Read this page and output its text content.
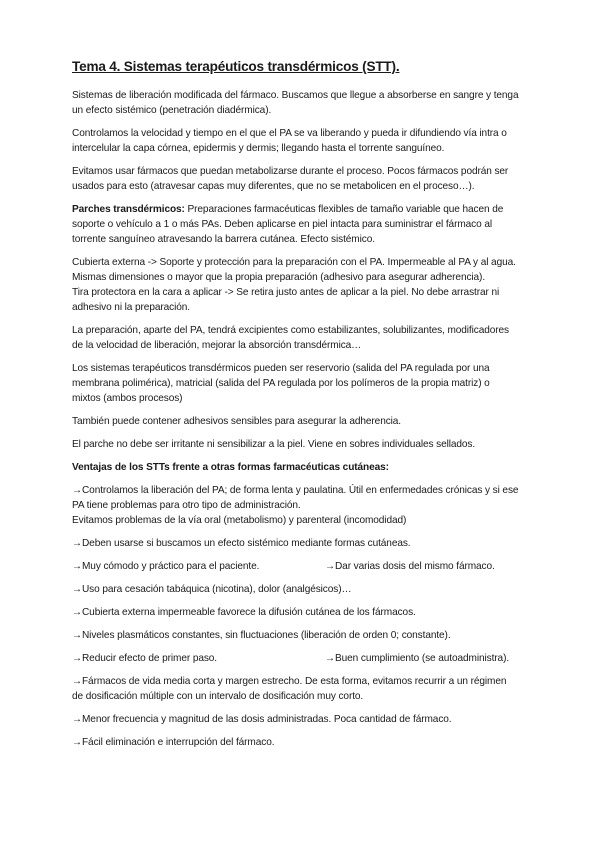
Tema 4. Sistemas terapéuticos transdérmicos (STT).
Sistemas de liberación modificada del fármaco. Buscamos que llegue a absorberse en sangre y tenga
un efecto sistémico (penetración diadérmica).
Controlamos la velocidad y tiempo en el que el PA se va liberando y pueda ir difundiendo vía intra o
intercelular la capa córnea, epidermis y dermis; llegando hasta el torrente sanguíneo.
Evitamos usar fármacos que puedan metabolizarse durante el proceso. Pocos fármacos podrán ser
usados para esto (atravesar capas muy diferentes, que no se metabolicen en el proceso…).
Parches transdérmicos: Preparaciones farmacéuticas flexibles de tamaño variable que hacen de
soporte o vehículo a 1 o más PAs. Deben aplicarse en piel intacta para suministrar el fármaco al
torrente sanguíneo atravesando la barrera cutánea. Efecto sistémico.
Cubierta externa -> Soporte y protección para la preparación con el PA. Impermeable al PA y al agua.
Mismas dimensiones o mayor que la propia preparación (adhesivo para asegurar adherencia).
Tira protectora en la cara a aplicar -> Se retira justo antes de aplicar a la piel. No debe arrastrar ni
adhesivo ni la preparación.
La preparación, aparte del PA, tendrá excipientes como estabilizantes, solubilizantes, modificadores
de la velocidad de liberación, mejorar la absorción transdérmica…
Los sistemas terapéuticos transdérmicos pueden ser reservorio (salida del PA regulada por una
membrana polimérica), matricial (salida del PA regulada por los polímeros de la propia matriz) o
mixtos (ambos procesos)
También puede contener adhesivos sensibles para asegurar la adherencia.
El parche no debe ser irritante ni sensibilizar a la piel. Viene en sobres individuales sellados.
Ventajas de los STTs frente a otras formas farmacéuticas cutáneas:
→Controlamos la liberación del PA; de forma lenta y paulatina. Útil en enfermedades crónicas y si ese
PA tiene problemas para otro tipo de administración.
Evitamos problemas de la vía oral (metabolismo) y parenteral (incomodidad)
→Deben usarse si buscamos un efecto sistémico mediante formas cutáneas.
→Muy cómodo y práctico para el paciente.	→Dar varias dosis del mismo fármaco.
→Uso para cesación tabáquica (nicotina), dolor (analgésicos)…
→Cubierta externa impermeable favorece la difusión cutánea de los fármacos.
→Niveles plasmáticos constantes, sin fluctuaciones (liberación de orden 0; constante).
→Reducir efecto de primer paso.	→Buen cumplimiento (se autoadministra).
→Fármacos de vida media corta y margen estrecho. De esta forma, evitamos recurrir a un régimen
de dosificación múltiple con un intervalo de dosificación muy corto.
→Menor frecuencia y magnitud de las dosis administradas. Poca cantidad de fármaco.
→Fácil eliminación e interrupción del fármaco.
